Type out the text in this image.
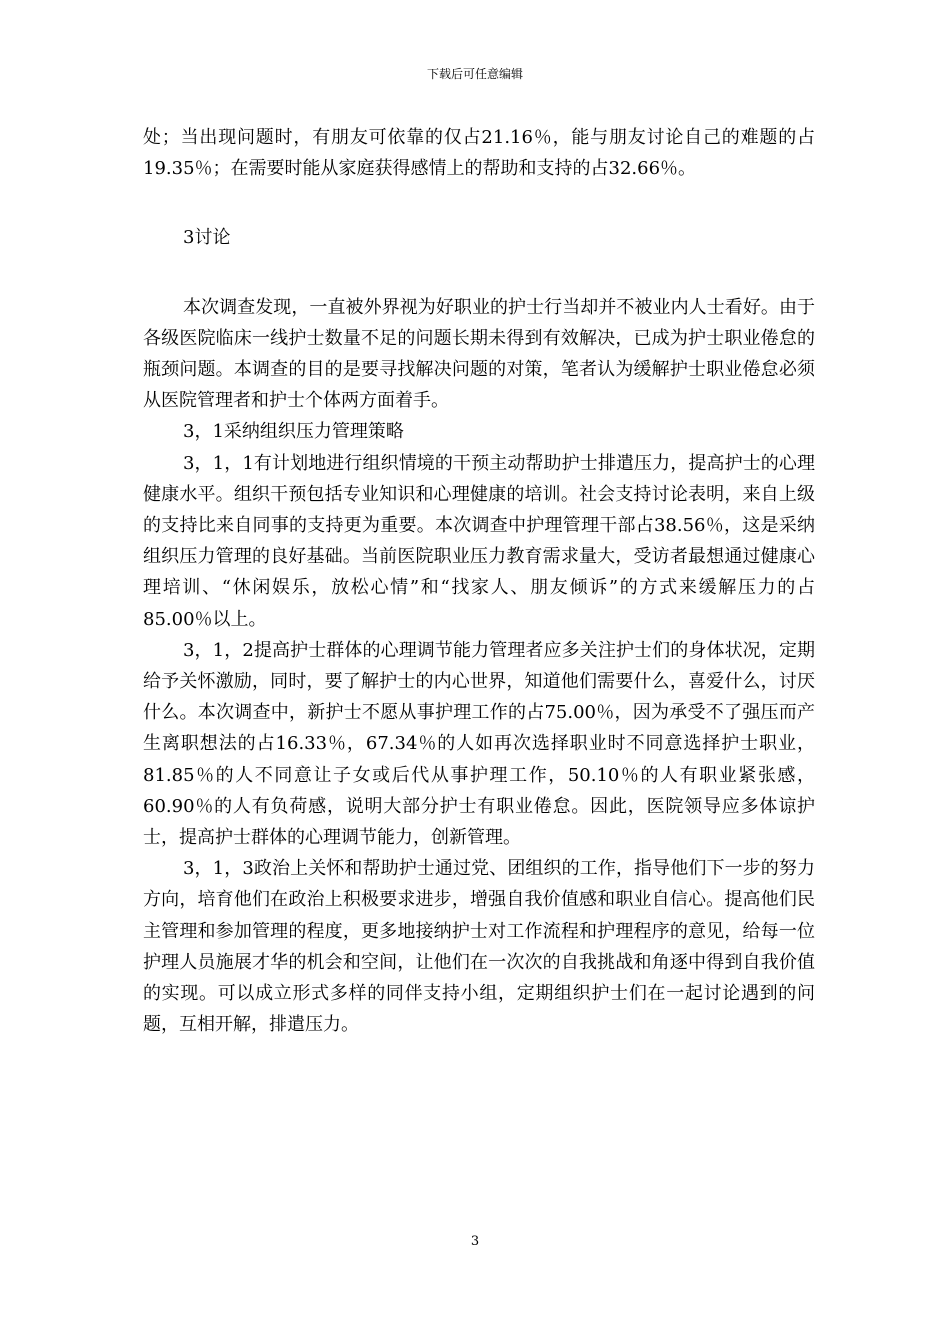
下载后可任意编辑

处；当出现问题时，有朋友可依靠的仅占21.16％，能与朋友讨论自己的难题的占19.35％；在需要时能从家庭获得感情上的帮助和支持的占32.66％。

3讨论

本次调查发现，一直被外界视为好职业的护士行当却并不被业内人士看好。由于各级医院临床一线护士数量不足的问题长期未得到有效解决，已成为护士职业倦怠的瓶颈问题。本调查的目的是要寻找解决问题的对策，笔者认为缓解护士职业倦怠必须从医院管理者和护士个体两方面着手。

3，1采纳组织压力管理策略

3，1，1有计划地进行组织情境的干预主动帮助护士排遣压力，提高护士的心理健康水平。组织干预包括专业知识和心理健康的培训。社会支持讨论表明，来自上级的支持比来自同事的支持更为重要。本次调查中护理管理干部占38.56％，这是采纳组织压力管理的良好基础。当前医院职业压力教育需求量大，受访者最想通过健康心理培训、“休闲娱乐，放松心情”和“找家人、朋友倾诉”的方式来缓解压力的占85.00％以上。

3，1，2提高护士群体的心理调节能力管理者应多关注护士们的身体状况，定期给予关怀激励，同时，要了解护士的内心世界，知道他们需要什么，喜爱什么，讨厌什么。本次调查中，新护士不愿从事护理工作的占75.00％，因为承受不了强压而产生离职想法的占16.33％，67.34％的人如再次选择职业时不同意选择护士职业，81.85％的人不同意让子女或后代从事护理工作，50.10％的人有职业紧张感，60.90％的人有负荷感，说明大部分护士有职业倦怠。因此，医院领导应多体谅护士，提高护士群体的心理调节能力，创新管理。

3，1，3政治上关怀和帮助护士通过党、团组织的工作，指导他们下一步的努力方向，培育他们在政治上积极要求进步，增强自我价值感和职业自信心。提高他们民主管理和参加管理的程度，更多地接纳护士对工作流程和护理程序的意见，给每一位护理人员施展才华的机会和空间，让他们在一次次的自我挑战和角逐中得到自我价值的实现。可以成立形式多样的同伴支持小组，定期组织护士们在一起讨论遇到的问题，互相开解，排遣压力。

3
